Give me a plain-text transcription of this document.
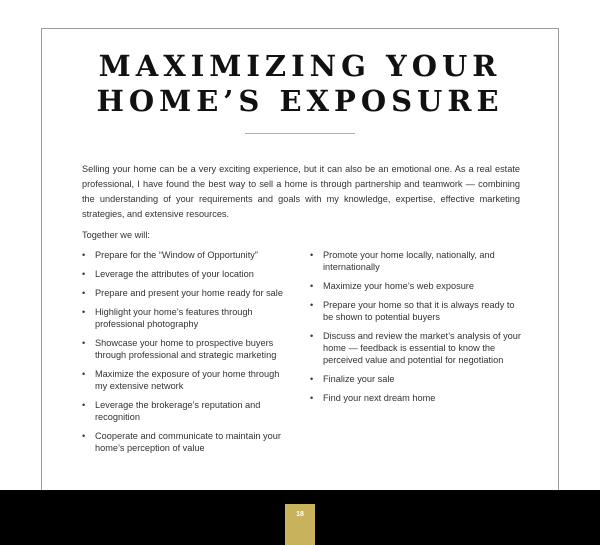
MAXIMIZING YOUR
HOME’S EXPOSURE

Selling your home can be a very exciting experience, but it can also be an emotional one. As a real estate professional, I have found the best way to sell a home is through partnership and teamwork — combining the understanding of your requirements and goals with my knowledge, expertise, effective marketing strategies, and extensive resources.

Together we will:

• Prepare for the “Window of Opportunity”
• Leverage the attributes of your location
• Prepare and present your home ready for sale
• Highlight your home’s features through professional photography
• Showcase your home to prospective buyers through professional and strategic marketing
• Maximize the exposure of your home through my extensive network
• Leverage the brokerage’s reputation and recognition
• Cooperate and communicate to maintain your home’s perception of value
• Promote your home locally, nationally, and internationally
• Maximize your home’s web exposure
• Prepare your home so that it is always ready to be shown to potential buyers
• Discuss and review the market’s analysis of your home — feedback is essential to know the perceived value and potential for negotiation
• Finalize your sale
• Find your next dream home
18
